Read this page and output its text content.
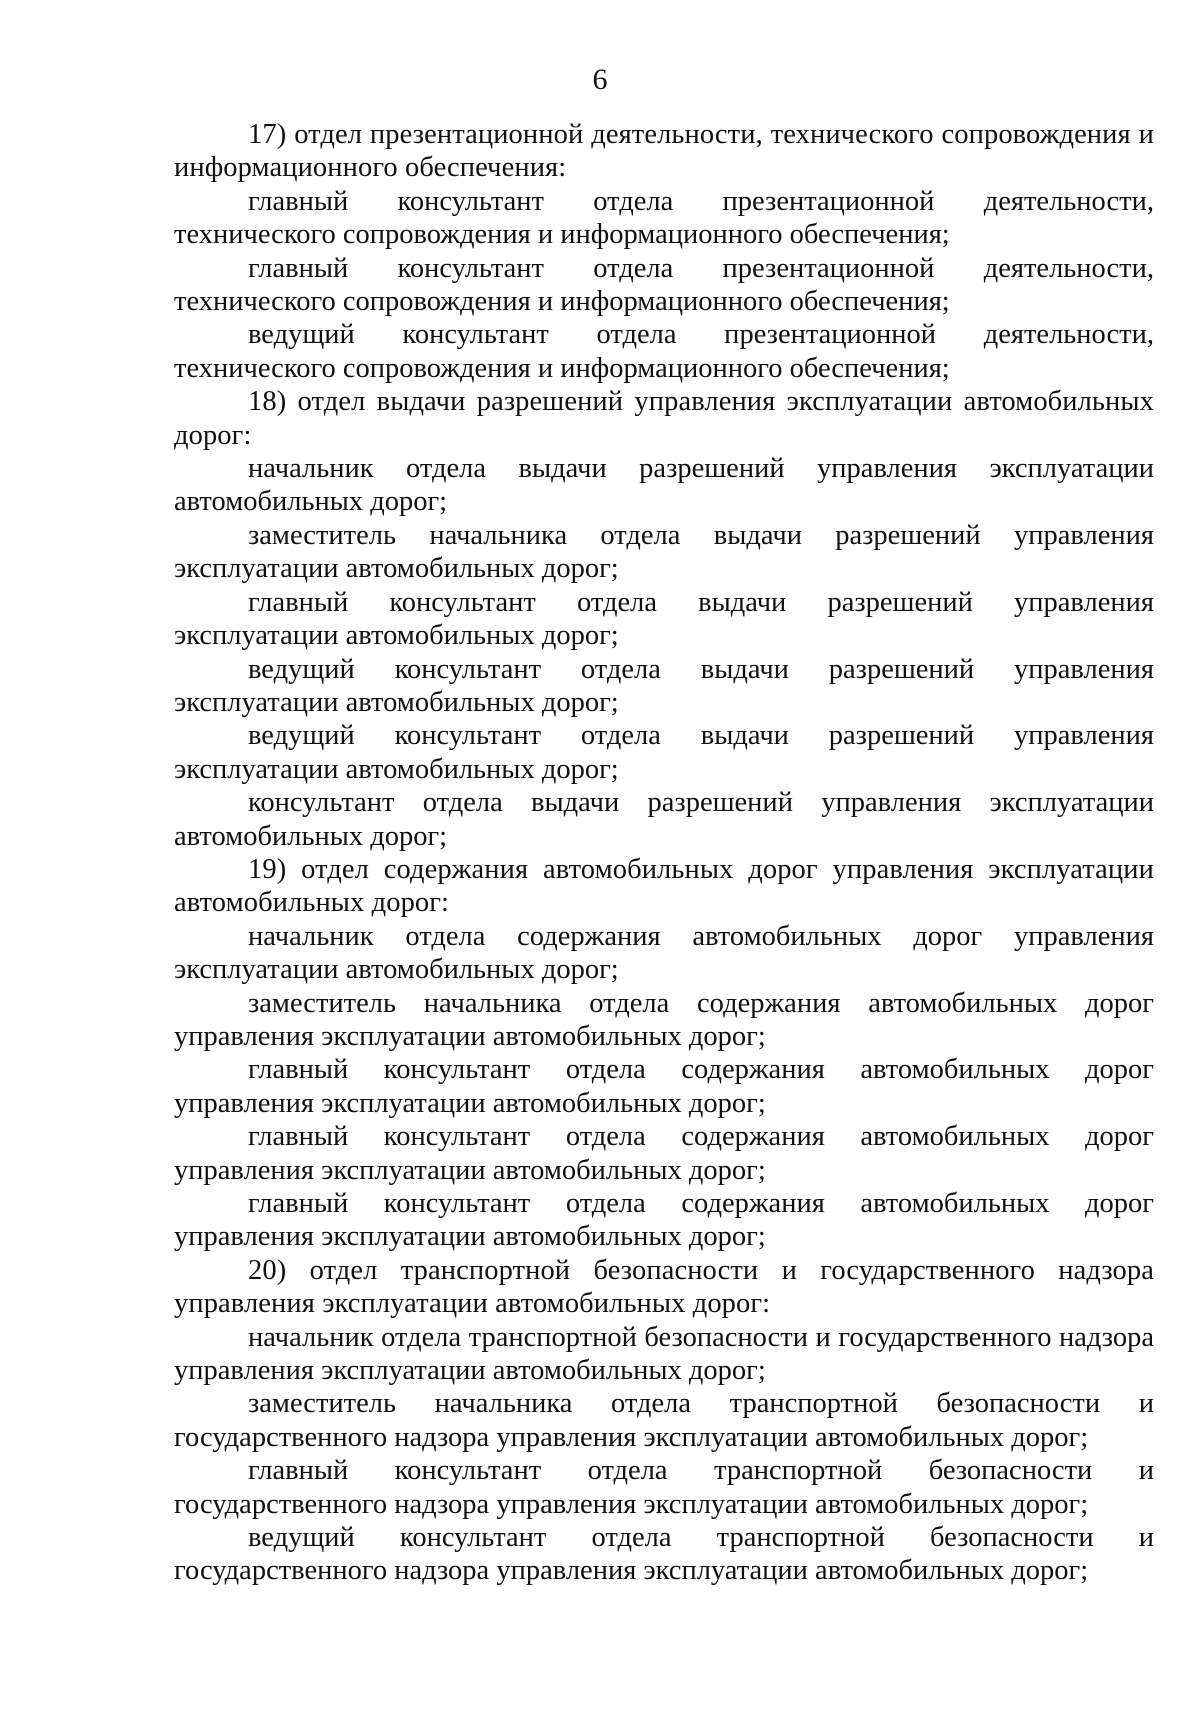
6

17) отдел презентационной деятельности, технического сопровождения и информационного обеспечения:

главный консультант отдела презентационной деятельности, технического сопровождения и информационного обеспечения;

главный консультант отдела презентационной деятельности, технического сопровождения и информационного обеспечения;

ведущий консультант отдела презентационной деятельности, технического сопровождения и информационного обеспечения;

18) отдел выдачи разрешений управления эксплуатации автомобильных дорог:

начальник отдела выдачи разрешений управления эксплуатации автомобильных дорог;

заместитель начальника отдела выдачи разрешений управления эксплуатации автомобильных дорог;

главный консультант отдела выдачи разрешений управления эксплуатации автомобильных дорог;

ведущий консультант отдела выдачи разрешений управления эксплуатации автомобильных дорог;

ведущий консультант отдела выдачи разрешений управления эксплуатации автомобильных дорог;

консультант отдела выдачи разрешений управления эксплуатации автомобильных дорог;

19) отдел содержания автомобильных дорог управления эксплуатации автомобильных дорог:

начальник отдела содержания автомобильных дорог управления эксплуатации автомобильных дорог;

заместитель начальника отдела содержания автомобильных дорог управления эксплуатации автомобильных дорог;

главный консультант отдела содержания автомобильных дорог управления эксплуатации автомобильных дорог;

главный консультант отдела содержания автомобильных дорог управления эксплуатации автомобильных дорог;

главный консультант отдела содержания автомобильных дорог управления эксплуатации автомобильных дорог;

20) отдел транспортной безопасности и государственного надзора управления эксплуатации автомобильных дорог:

начальник отдела транспортной безопасности и государственного надзора управления эксплуатации автомобильных дорог;

заместитель начальника отдела транспортной безопасности и государственного надзора управления эксплуатации автомобильных дорог;

главный консультант отдела транспортной безопасности и государственного надзора управления эксплуатации автомобильных дорог;

ведущий консультант отдела транспортной безопасности и государственного надзора управления эксплуатации автомобильных дорог;
